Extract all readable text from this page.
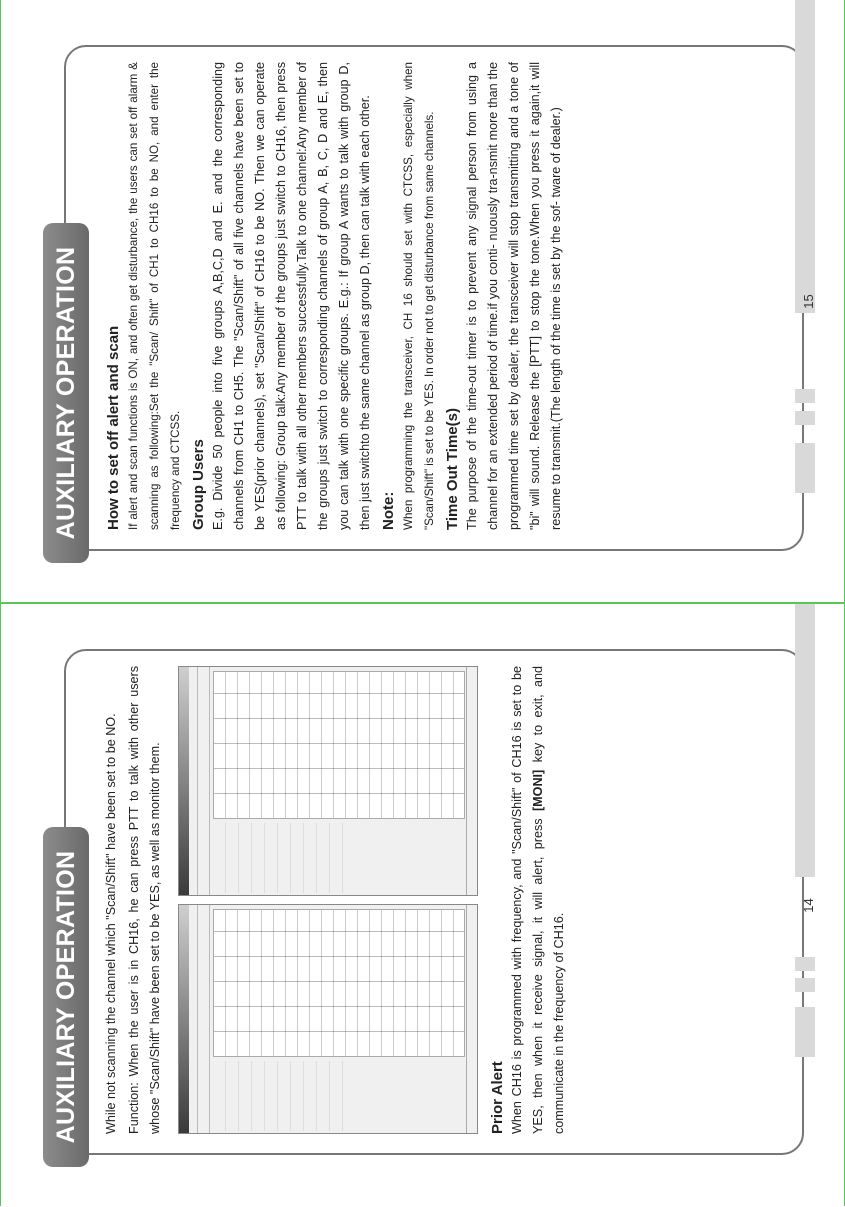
AUXILIARY OPERATION	While not scanning the channel which "Scan/Shift" have been set to be NO. Function: When the user is in CH16, he can press PTT to talk with other users whose "Scan/Shift" have been set to be YES, as well as monitor them.	Prior Alert When CH16 is programmed with frequency, and "Scan/Shift" of CH16 is set to be YES, then when it receive signal, it will alert, press [MONI] key to exit, and communicate in the frequency of CH16.

14
AUXILIARY OPERATION	How to set off alert and scan If alert and scan functions is ON, and often get disturbance, the users can set off alarm & scanning as following:Set the "Scan/ Shift" of CH1 to CH16 to be NO, and enter the frequency and CTCSS. Group Users E.g. Divide 50 people into five groups A,B,C,D and E. and the corresponding channels from CH1 to CH5. The "Scan/Shift" of all five channels have been set to be YES(prior channels), set "Scan/Shift" of CH16 to be NO. Then we can operate as following: Group talk:Any member of the groups just switch to CH16, then press PTT to talk with all other members successfully.Talk to one channel:Any member of the groups just switch to corresponding channels of group A, B, C, D and E, then you can talk with one specific groups. E.g.: If group A wants to talk with group D, then just switchto the same channel as group D, then can talk with each other. Note: When programming the transceiver, CH 16 should set with CTCSS, especially when "Scan/Shift" is set to be YES. In order not to get disturbance from same channels. Time Out Time(s) The purpose of the time-out timer is to prevent any signal person from using a channel for an extended period of time.if you conti- nuously tra-nsmit more than the programmed time set by dealer, the transceiver will stop transmitting and a tone of "bi" will sound. Release the [PTT] to stop the tone.When you press it again,it will resume to transmit.(The length of the time is set by the sof- tware of dealer.)	15
